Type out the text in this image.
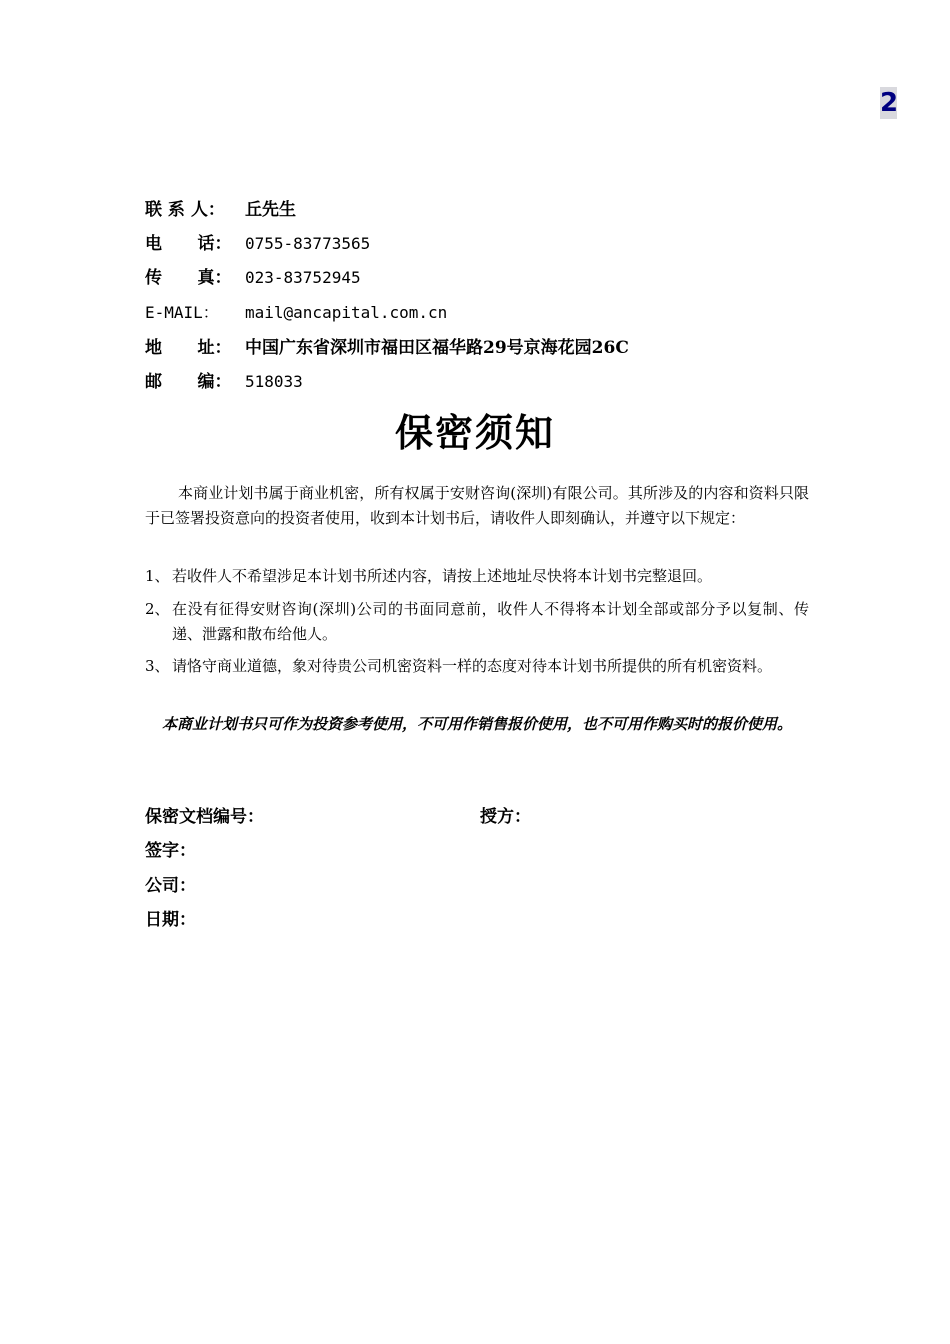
2
联 系 人： 丘先生
电      话： 0755-83773565
传      真： 023-83752945
E-MAIL： mail@ancapital.com.cn
地      址： 中国广东省深圳市福田区福华路29号京海花园26C
邮      编： 518033
保密须知
本商业计划书属于商业机密，所有权属于安财咨询(深圳)有限公司。其所涉及的内容和资料只限于已签署投资意向的投资者使用，收到本计划书后，请收件人即刻确认，并遵守以下规定：
1、 若收件人不希望涉足本计划书所述内容，请按上述地址尽快将本计划书完整退回。
2、 在没有征得安财咨询(深圳)公司的书面同意前，收件人不得将本计划全部或部分予以复制、传递、泄露和散布给他人。
3、 请恪守商业道德，象对待贵公司机密资料一样的态度对待本计划书所提供的所有机密资料。
本商业计划书只可作为投资参考使用，不可用作销售报价使用，也不可用作购买时的报价使用。
保密文档编号：	授方：
签字：
公司：
日期：
